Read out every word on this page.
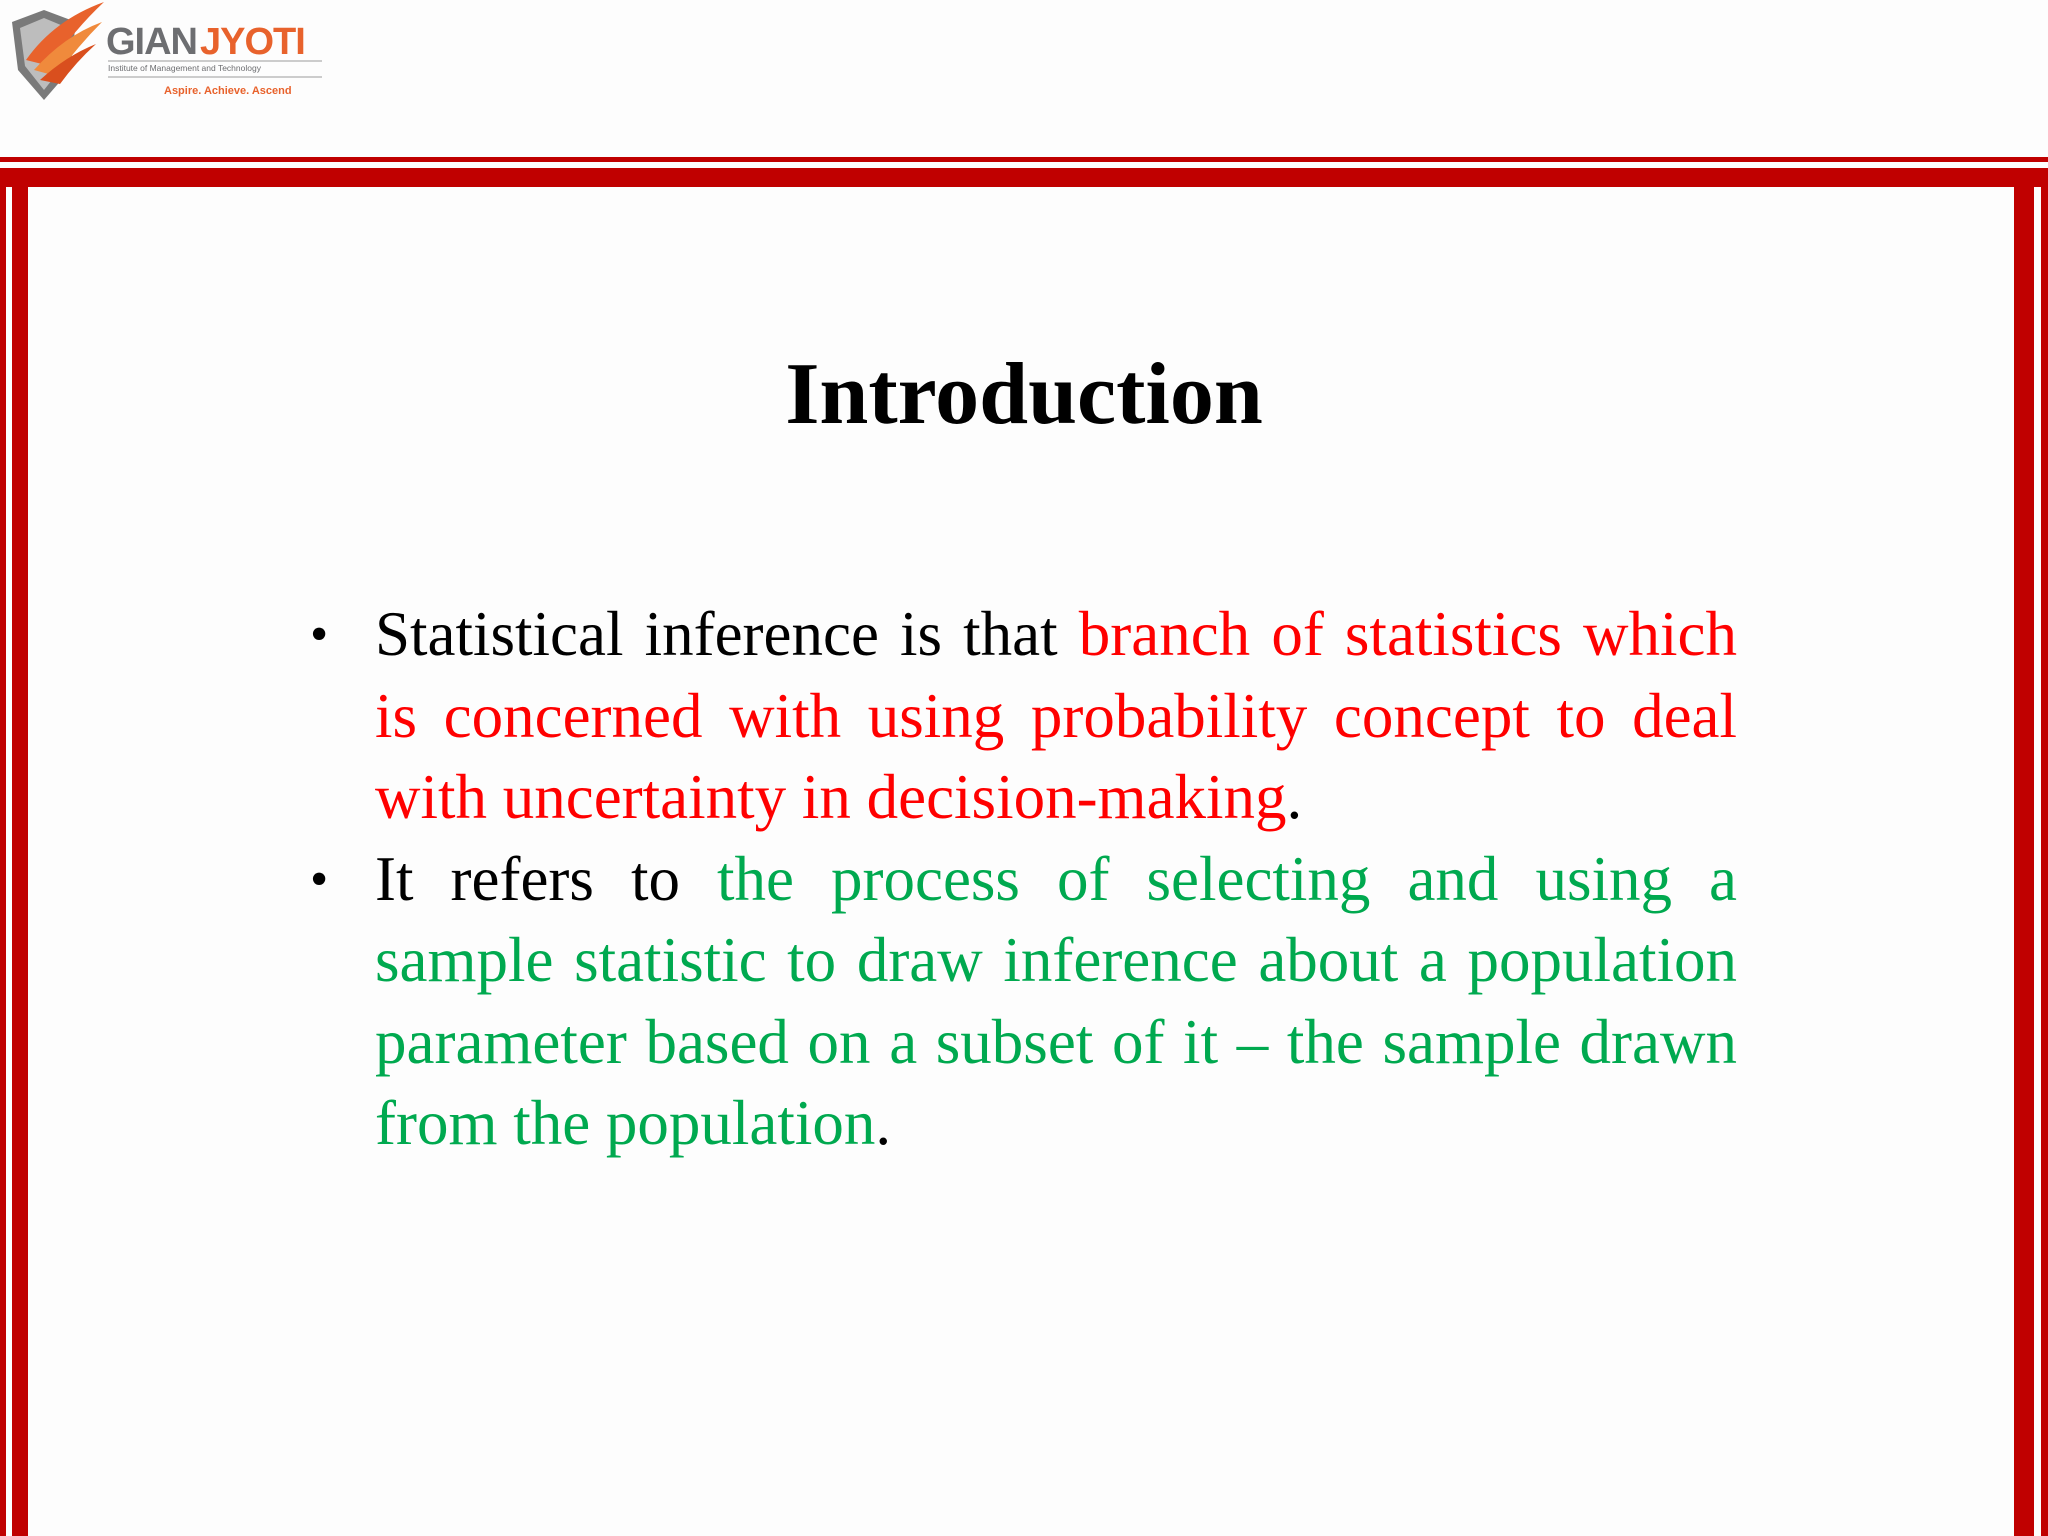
GIAN JYOTI
Institute of Management and Technology
Aspire. Achieve. Ascend
Introduction
• Statistical inference is that branch of statistics which is concerned with using probability concept to deal with uncertainty in decision-making.
• It refers to the process of selecting and using a sample statistic to draw inference about a population parameter based on a subset of it – the sample drawn from the population.
